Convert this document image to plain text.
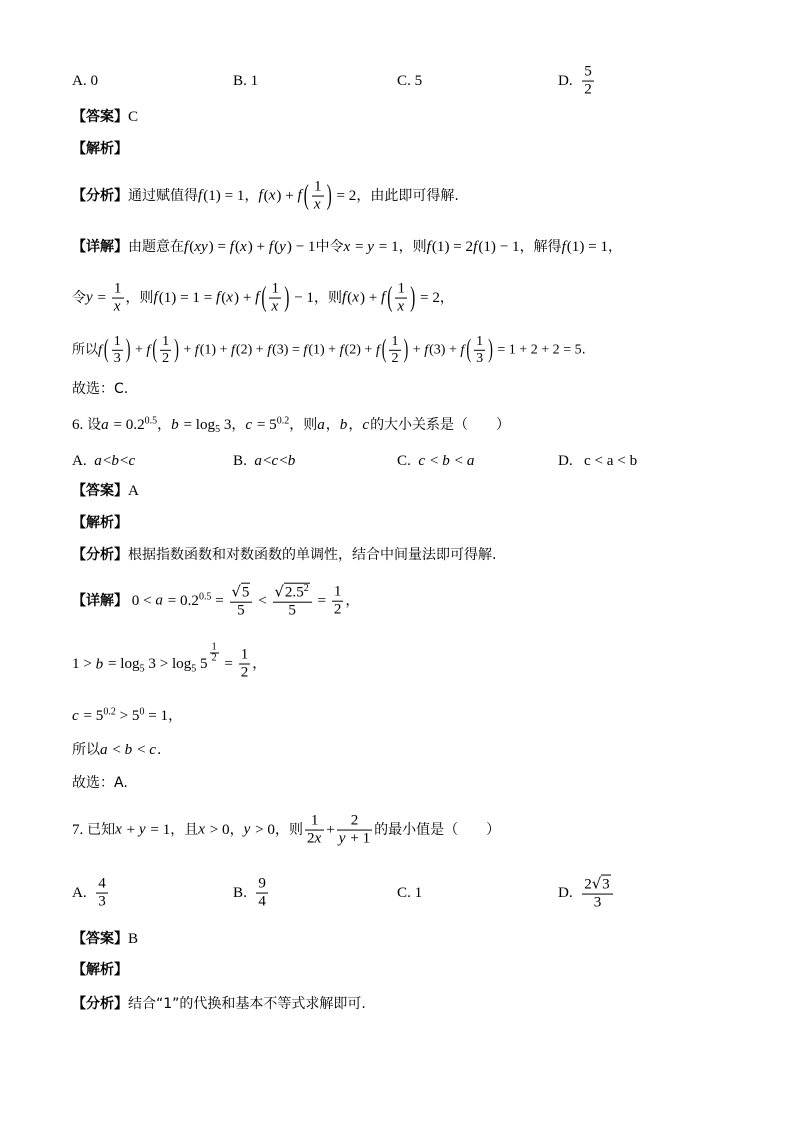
A. 0	B. 1	C. 5	D. $\frac{5}{2}$
【答案】C
【解析】
【分析】通过赋值得f(1) = 1，f(x) + f ( $\frac{1}{x}$ ) = 2，由此即可得解.
【详解】由题意在f(xy) = f(x) + f(y) − 1中令x = y = 1，则f(1) = 2f(1) − 1，解得f(1) = 1，
令$y = \frac{1}{x}$ ，则f(1) = 1 = f(x) + f ( $\frac{1}{x}$ ) − 1，则f(x) + f ( $\frac{1}{x}$ ) = 2，
所以f ( $\frac{1}{3}$ ) + f ( $\frac{1}{2}$ ) + f(1) + f(2) + f(3) = f(1) + f(2) + f ( $\frac{1}{2}$ ) + f(3) + f ( $\frac{1}{3}$ ) = 1 + 2 + 2 = 5.
故选：C.
6. 设$a = 0.2^{0.5}$，$b = \log_5 3$，$c = 5^{0.2}$，则a，b，c的大小关系是（　　）
A.  a<b<c	B.  a<c<b	C.  c < b < a	D.   c < a < b
【答案】A
【解析】
【分析】根据指数函数和对数函数的单调性，结合中间量法即可得解.
【详解】 $0 < a = 0.2^{0.5} = \frac{√5}{5} < \frac{√2.5^2}{5} = \frac{1}{2}$ ，
$1 > b = \log_5 3 > \log_5 5$
$^{\frac{1}{2}}$
= $\frac{1}{2}$ ，
$c = 5^{0.2} > 5^0 = 1$，
所以a < b < c.
故选：A.
7. 已知x + y = 1，且x > 0，y > 0，则 $\frac{1}{2x} + \frac{2}{y + 1}$ 的最小值是（　　）
A. $\frac{4}{3}$	B. $\frac{9}{4}$	C. 1	D. $\frac{2√3}{3}$
【答案】B
【解析】
【分析】结合“1”的代换和基本不等式求解即可.
